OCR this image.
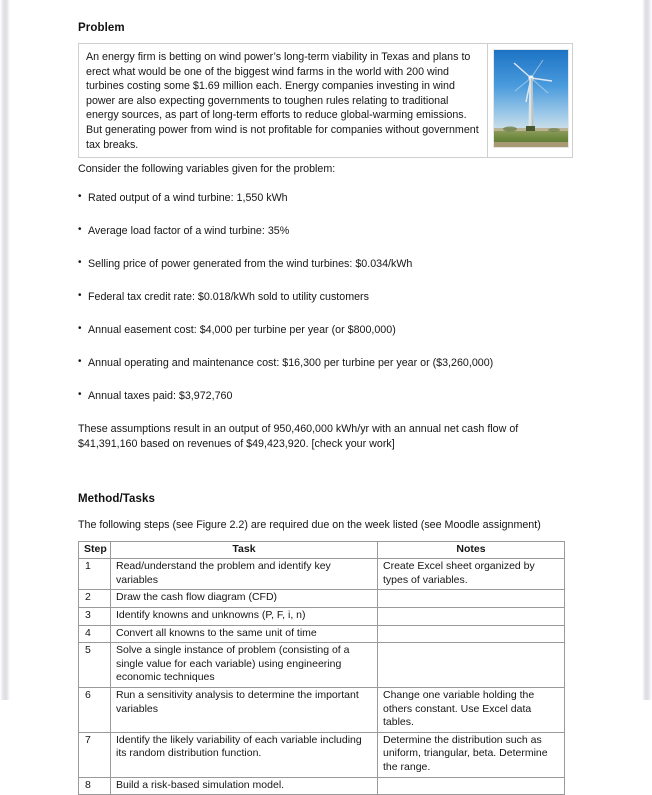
Problem
An energy firm is betting on wind power’s long-term viability in Texas and plans to erect what would be one of the biggest wind farms in the world with 200 wind turbines costing some $1.69 million each. Energy companies investing in wind power are also expecting governments to toughen rules relating to traditional energy sources, as part of long-term efforts to reduce global-warming emissions. But generating power from wind is not profitable for companies without government tax breaks.

Consider the following variables given for the problem:

• Rated output of a wind turbine: 1,550 kWh
• Average load factor of a wind turbine: 35%
• Selling price of power generated from the wind turbines: $0.034/kWh
• Federal tax credit rate: $0.018/kWh sold to utility customers
• Annual easement cost: $4,000 per turbine per year (or $800,000)
• Annual operating and maintenance cost: $16,300 per turbine per year or ($3,260,000)
• Annual taxes paid: $3,972,760

These assumptions result in an output of 950,460,000 kWh/yr with an annual net cash flow of $41,391,160 based on revenues of $49,423,920. [check your work]

Method/Tasks

The following steps (see Figure 2.2) are required due on the week listed (see Moodle assignment)

Step	Task	Notes
1	Read/understand the problem and identify key variables	Create Excel sheet organized by types of variables.
2	Draw the cash flow diagram (CFD)	
3	Identify knowns and unknowns (P, F, i, n)	
4	Convert all knowns to the same unit of time	
5	Solve a single instance of problem (consisting of a single value for each variable) using engineering economic techniques	
6	Run a sensitivity analysis to determine the important variables	Change one variable holding the others constant. Use Excel data tables.
7	Identify the likely variability of each variable including its random distribution function.	Determine the distribution such as uniform, triangular, beta. Determine the range.
8	Build a risk-based simulation model.	
